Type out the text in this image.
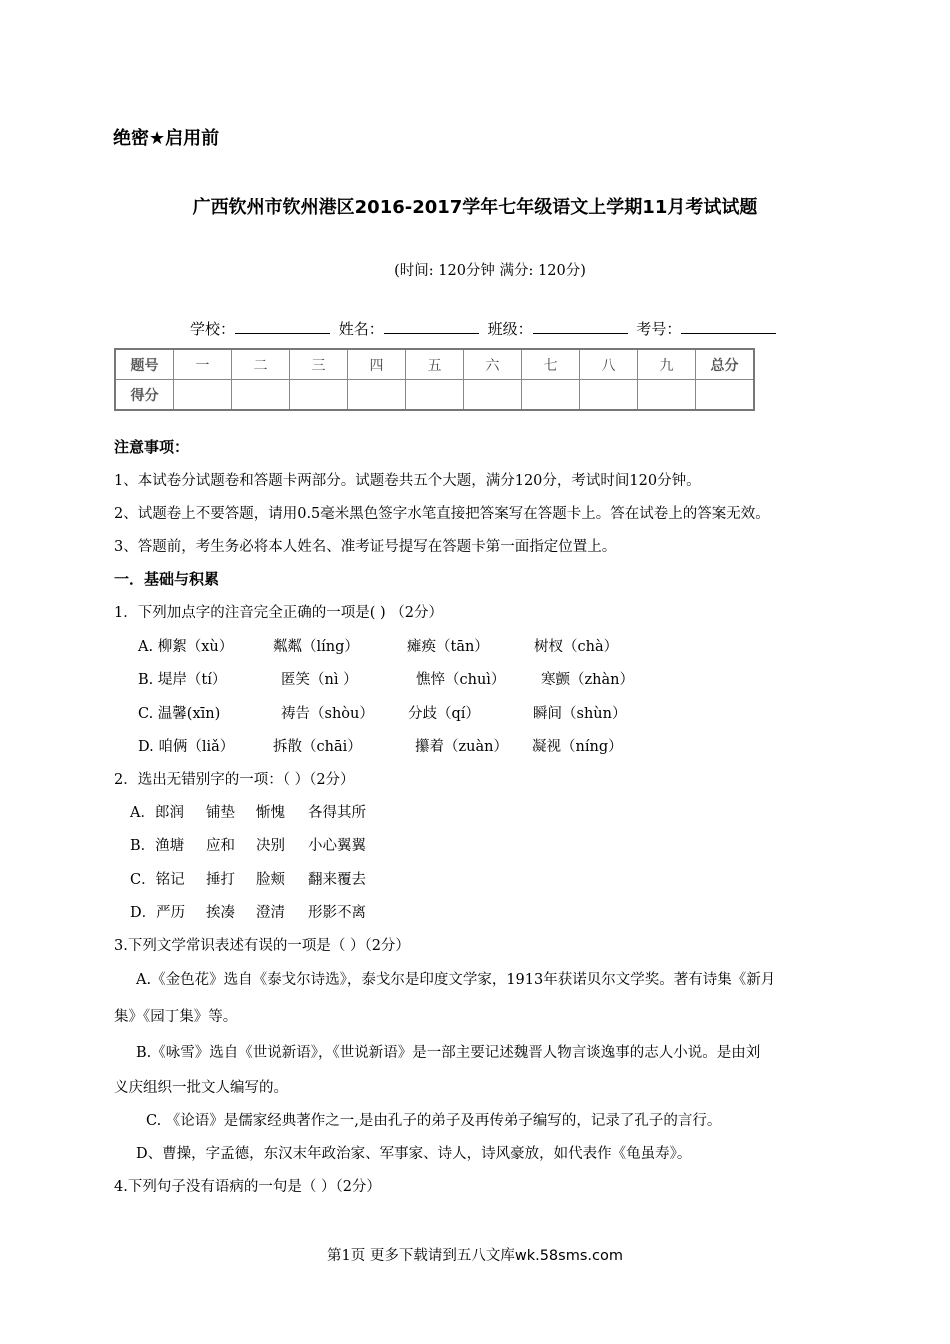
绝密★启用前
广西钦州市钦州港区2016-2017学年七年级语文上学期11月考试试题
(时间: 120分钟 满分: 120分)
学校：	姓名：	班级：	考号：
题号	一	二	三	四	五	六	七	八	九	总分
得分										
注意事项：
1、本试卷分试题卷和答题卡两部分。试题卷共五个大题，满分120分，考试时间120分钟。
2、试题卷上不要答题，请用0.5毫米黑色签字水笔直接把答案写在答题卡上。答在试卷上的答案无效。
3、答题前，考生务必将本人姓名、准考证号提写在答题卡第一面指定位置上。
一．基础与积累
1．下列加点字的注音完全正确的一项是( ) （2分）
A. 柳絮（xù）	粼粼（líng）	瘫痪（tān）	树杈（chà）
B. 堤岸（tí）	匿笑（nì ）	憔悴（chuì） 寒颤（zhàn）
C. 温馨(xīn)	祷告（shòu） 分歧（qí）	瞬间（shùn）
D. 咱俩（liǎ）	拆散（chāi）	攥着（zuàn） 凝视（níng）
2．选出无错别字的一项：（ ）（2分）
A．郎润 铺垫 惭愧 各得其所
B．渔塘 应和 决别 小心翼翼
C．铭记 捶打 脸颊 翻来覆去
D．严历 挨凑 澄清 形影不离
3.下列文学常识表述有误的一项是（ ）（2分）
A.《金色花》选自《泰戈尔诗选》，泰戈尔是印度文学家，1913年获诺贝尔文学奖。著有诗集《新月
集》《园丁集》等。
B.《咏雪》选自《世说新语》，《世说新语》是一部主要记述魏晋人物言谈逸事的志人小说。是由刘
义庆组织一批文人编写的。
C. 《论语》是儒家经典著作之一,是由孔子的弟子及再传弟子编写的，记录了孔子的言行。
D、曹操，字孟德，东汉末年政治家、军事家、诗人，诗风豪放，如代表作《龟虽寿》。
4.下列句子没有语病的一句是（ ）（2分）
第1页 更多下载请到五八文库wk.58sms.com
